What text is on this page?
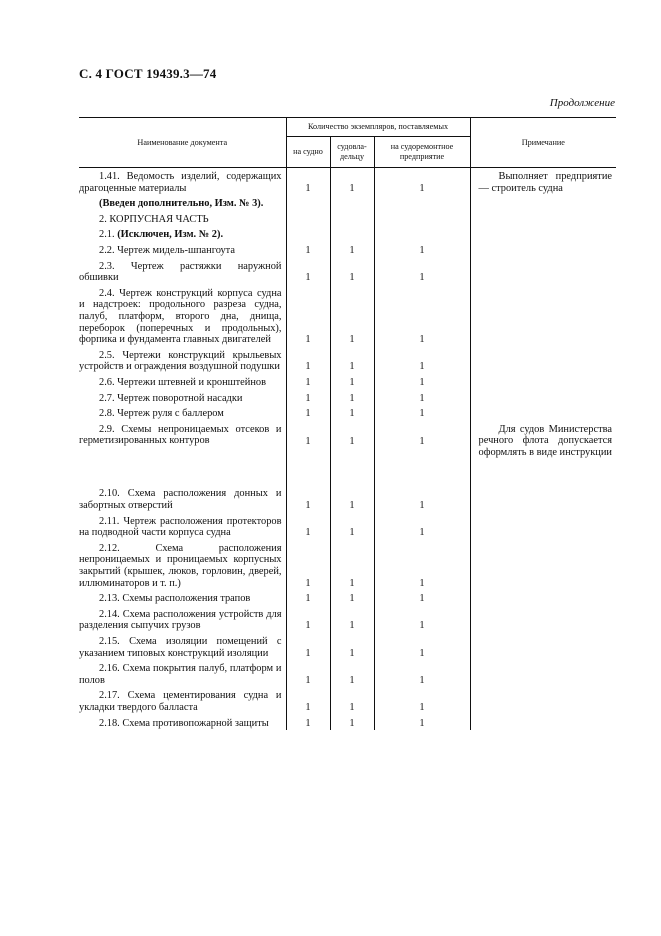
С. 4 ГОСТ 19439.3—74
Продолжение
Наименование документа	Количество экземпляров, поставляемых			Примечание
	на судно	судовла-дельцу	на судоремонтное предприятие	

1.41. Ведомость изделий, содержащих драгоценные материалы	1	1	1	Выполняет предприятие — строитель судна

(Введен дополнительно, Изм. № 3).				

2. КОРПУСНАЯ ЧАСТЬ				

2.1. (Исключен, Изм. № 2).				

2.2. Чертеж мидель-шпангоута	1	1	1	

2.3. Чертеж растяжки наружной обшивки	1	1	1	

2.4. Чертеж конструкций корпуса судна и надстроек: продольного разреза судна, палуб, платформ, второго дна, днища, переборок (поперечных и продольных), форпика и фундамента главных двигателей	1	1	1	

2.5. Чертежи конструкций крыльевых устройств и ограждения воздушной подушки	1	1	1	

2.6. Чертежи штевней и кронштейнов	1	1	1	

2.7. Чертеж поворотной насадки	1	1	1	

2.8. Чертеж руля с баллером	1	1	1	

2.9. Схемы непроницаемых отсеков и герметизированных контуров	1	1	1	Для судов Министерства речного флота допускается оформлять в виде инструкции

2.10. Схема расположения донных и забортных отверстий	1	1	1	

2.11. Чертеж расположения протекторов на подводной части корпуса судна	1	1	1	

2.12. Схема расположения непроницаемых и проницаемых корпусных закрытий (крышек, люков, горловин, дверей, иллюминаторов и т. п.)	1	1	1	

2.13. Схемы расположения трапов	1	1	1	

2.14. Схема расположения устройств для разделения сыпучих грузов	1	1	1	

2.15. Схема изоляции помещений с указанием типовых конструкций изоляции	1	1	1	

2.16. Схема покрытия палуб, платформ и полов	1	1	1	

2.17. Схема цементирования судна и укладки твердого балласта	1	1	1	

2.18. Схема противопожарной защиты	1	1	1	
